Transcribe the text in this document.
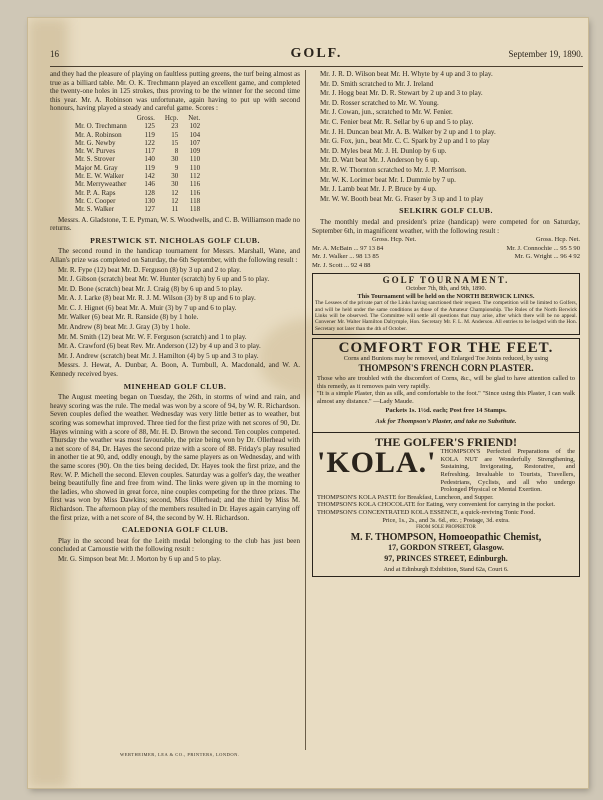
16	GOLF.	September 19, 1890.

and they had the pleasure of playing on faultless putting greens, the turf being almost as true as a billiard table. Mr. O. K. Trechmann played an excellent game, and completed the twenty-one holes in 125 strokes, thus proving to be the winner for the second time this year. Mr. A. Robinson was unfortunate, again having to put up with second honours, having played a steady and careful game. Scores :

	Gross.	Hcp.	Net.
Mr. O. Trechmann	125	23	102
Mr. A. Robinson	119	15	104
Mr. G. Newby	122	15	107
Mr. W. Purves	117	8	109
Mr. S. Strover	140	30	110
Major M. Gray	119	9	110
Mr. E. W. Walker	142	30	112
Mr. Merryweather	146	30	116
Mr. P. A. Raps	128	12	116
Mr. C. Cooper	130	12	118
Mr. S. Walker	127	11	118

Messrs. A. Gladstone, T. E. Pyman, W. S. Woodwells, and C. B. Williamson made no returns.

PRESTWICK ST. NICHOLAS GOLF CLUB.

The second round in the handicap tournament for Messrs. Marshall, Wane, and Allan's prize was completed on Saturday, the 6th September, with the following result :

Mr. R. Fype (12) beat Mr. D. Ferguson (8) by 3 up and 2 to play.

Mr. J. Gibson (scratch) beat Mr. W. Hunter (scratch) by 6 up and 5 to play.

Mr. D. Bone (scratch) beat Mr. J. Craig (8) by 6 up and 5 to play.

Mr. A. J. Larke (8) beat Mr. R. J. M. Wilson (3) by 8 up and 6 to play.

Mr. C. J. Hignet (6) beat Mr. A. Muir (3) by 7 up and 6 to play.

Mr. Walker (6) beat Mr. R. Ranside (8) by 1 hole.

Mr. Andrew (8) beat Mr. J. Gray (3) by 1 hole.

Mr. M. Smith (12) beat Mr. W. F. Ferguson (scratch) and 1 to play.

Mr. A. Crawford (6) beat Rev. Mr. Anderson (12) by 4 up and 3 to play.

Mr. J. Andrew (scratch) beat Mr. J. Hamilton (4) by 5 up and 3 to play.

Messrs. J. Hewat, A. Dunbar, A. Boon, A. Turnbull, A. Macdonald, and W. A. Kennedy received byes.

MINEHEAD GOLF CLUB.

The August meeting began on Tuesday, the 26th, in storms of wind and rain, and heavy scoring was the rule. The medal was won by a score of 94, by W. R. Richardson. Seven couples defied the weather. Wednesday was very little better as to weather, but scoring was somewhat improved. Three tied for the first prize with net scores of 90, Dr. Hayes winning with a score of 88, Mr. H. D. Brown the second. Ten couples competed. Thursday the weather was most favourable, the prize being won by Dr. Ollerhead with a net score of 84, Dr. Hayes the second prize with a score of 88. Friday's play resulted in another tie at 90, and, oddly enough, by the same players as on Wednesday, and with the same scores (90). On the ties being decided, Dr. Hayes took the first prize, and the Rev. W. P. Michell the second. Eleven couples. Saturday was a golfer's day, the weather being beautifully fine and free from wind. The links were given up in the morning to the ladies, who showed in great force, nine couples competing for the three prizes. The first was won by Miss Dawkins; second, Miss Ollerhead; and the third by Miss M. Richardson. The afternoon play of the members resulted in Dr. Hayes again carrying off the first prize, with a net score of 84, the second by W. H. Richardson.

CALEDONIA GOLF CLUB.

Play in the second beat for the Leith medal belonging to the club has just been concluded at Carnoustie with the following result :

Mr. G. Simpson beat Mr. J. Morton by 6 up and 5 to play.

Mr. J. R. D. Wilson beat Mr. H. Whyte by 4 up and 3 to play.

Mr. D. Smith scratched to Mr. J. Ireland

Mr. J. Hogg beat Mr. D. R. Stewart by 2 up and 3 to play.

Mr. D. Rosser scratched to Mr. W. Young.

Mr. J. Cowan, jun., scratched to Mr. W. Fenier.

Mr. C. Fenier beat Mr. R. Sellar by 6 up and 5 to play.

Mr. J. H. Duncan beat Mr. A. B. Walker by 2 up and 1 to play.

Mr. G. Fox, jun., beat Mr. C. C. Spark by 2 up and 1 to play

Mr. D. Myles beat Mr. J. H. Dunlop by 6 up.

Mr. D. Watt beat Mr. J. Anderson by 6 up.

Mr. R. W. Thornton scratched to Mr. J. P. Morrison.

Mr. W. K. Lorimer beat Mr. I. Dummie by 7 up.

Mr. J. Lamb beat Mr. J. P. Bruce by 4 up.

Mr. W. W. Booth beat Mr. G. Fraser by 3 up and 1 to play

SELKIRK GOLF CLUB.

The monthly medal and president's prize (handicap) were competed for on Saturday, September 6th, in magnificent weather, with the following result :

Gross. Hcp. Net.	Gross. Hcp. Net.
Mr. A. McBain ... 97 13 84	Mr. J. Connochie ... 95 5 90
Mr. J. Walker ... 98 13 85	Mr. G. Wright ... 96 4 92
Mr. J. Scott ... 92 4 88
GOLF TOURNAMENT.
October 7th, 8th, and 9th, 1890.
This Tournament will be held on the NORTH BERWICK LINKS.
The Lessees of the private part of the Links having sanctioned their request. The competition will be limited to Golfers, and will be held under the same conditions as those of the Amateur Championship. The Rules of the North Berwick Links will be observed. The Committee will settle all questions that may arise, after which there will be no appeal. Convener Mr. Walter Hamilton Dalrymple, Hon. Secretary Mr. F. L. M. Anderson. All entries to be lodged with the Hon. Secretary not later than the 4th of October.
COMFORT FOR THE FEET.
Corns and Bunions may be removed, and Enlarged Toe Joints reduced, by using
THOMPSON'S FRENCH CORN PLASTER.
Those who are troubled with the discomfort of Corns, &c., will be glad to have attention called to this remedy, as it removes pain very rapidly.
"It is a simple Plaster, thin as silk, and comfortable to the foot." "Since using this Plaster, I can walk almost any distance." —Lady Maude.
Packets 1s. 1½d. each; Post free 14 Stamps.
Ask for Thompson's Plaster, and take no Substitute.
THE GOLFER'S FRIEND!
'KOLA.' THOMPSON'S Perfected Preparations of the KOLA NUT are Wonderfully Strengthening, Sustaining, Invigorating, Restorative, and Refreshing. Invaluable to Tourists, Travellers, Pedestrians, Cyclists, and all who undergo Prolonged Physical or Mental Exertion.
THOMPSON'S KOLA PASTE for Breakfast, Luncheon, and Supper.
THOMPSON'S KOLA CHOCOLATE for Eating, very convenient for carrying in the pocket.
THOMPSON'S CONCENTRATED KOLA ESSENCE, a quick-reviving Tonic Food.
Price, 1s., 2s., and 3s. 6d., etc. ; Postage, 3d. extra.
FROM SOLE PROPRIETOR
M. F. THOMPSON, Homoeopathic Chemist,
17, GORDON STREET, Glasgow.
97, PRINCES STREET, Edinburgh.
And at Edinburgh Exhibition, Stand 62a, Court 6.
WERTHEIMER, LEA & CO., PRINTERS, LONDON.
